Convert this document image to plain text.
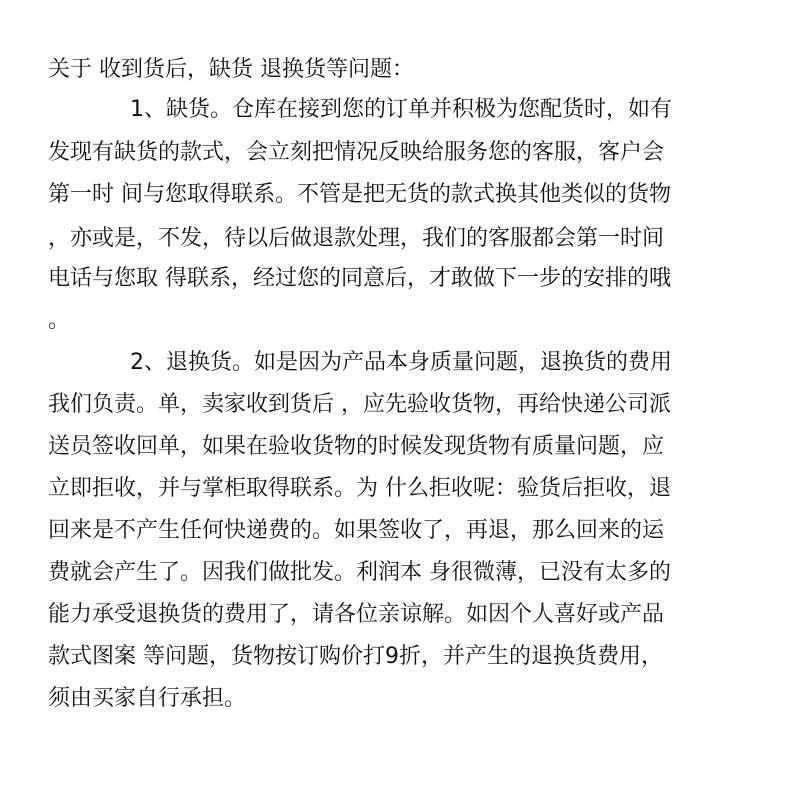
关于 收到货后，缺货 退换货等问题：
1、缺货。仓库在接到您的订单并积极为您配货时，如有
发现有缺货的款式，会立刻把情况反映给服务您的客服，客户会
第一时 间与您取得联系。不管是把无货的款式换其他类似的货物
，亦或是，不发，待以后做退款处理，我们的客服都会第一时间
电话与您取 得联系，经过您的同意后，才敢做下一步的安排的哦
。
2、退换货。如是因为产品本身质量问题，退换货的费用
我们负责。单，卖家收到货后 ，应先验收货物，再给快递公司派
送员签收回单，如果在验收货物的时候发现货物有质量问题，应
立即拒收，并与掌柜取得联系。为 什么拒收呢：验货后拒收，退
回来是不产生任何快递费的。如果签收了，再退，那么回来的运
费就会产生了。因我们做批发。利润本 身很微薄，已没有太多的
能力承受退换货的费用了，请各位亲谅解。如因个人喜好或产品
款式图案 等问题，货物按订购价打9折，并产生的退换货费用，
须由买家自行承担。
